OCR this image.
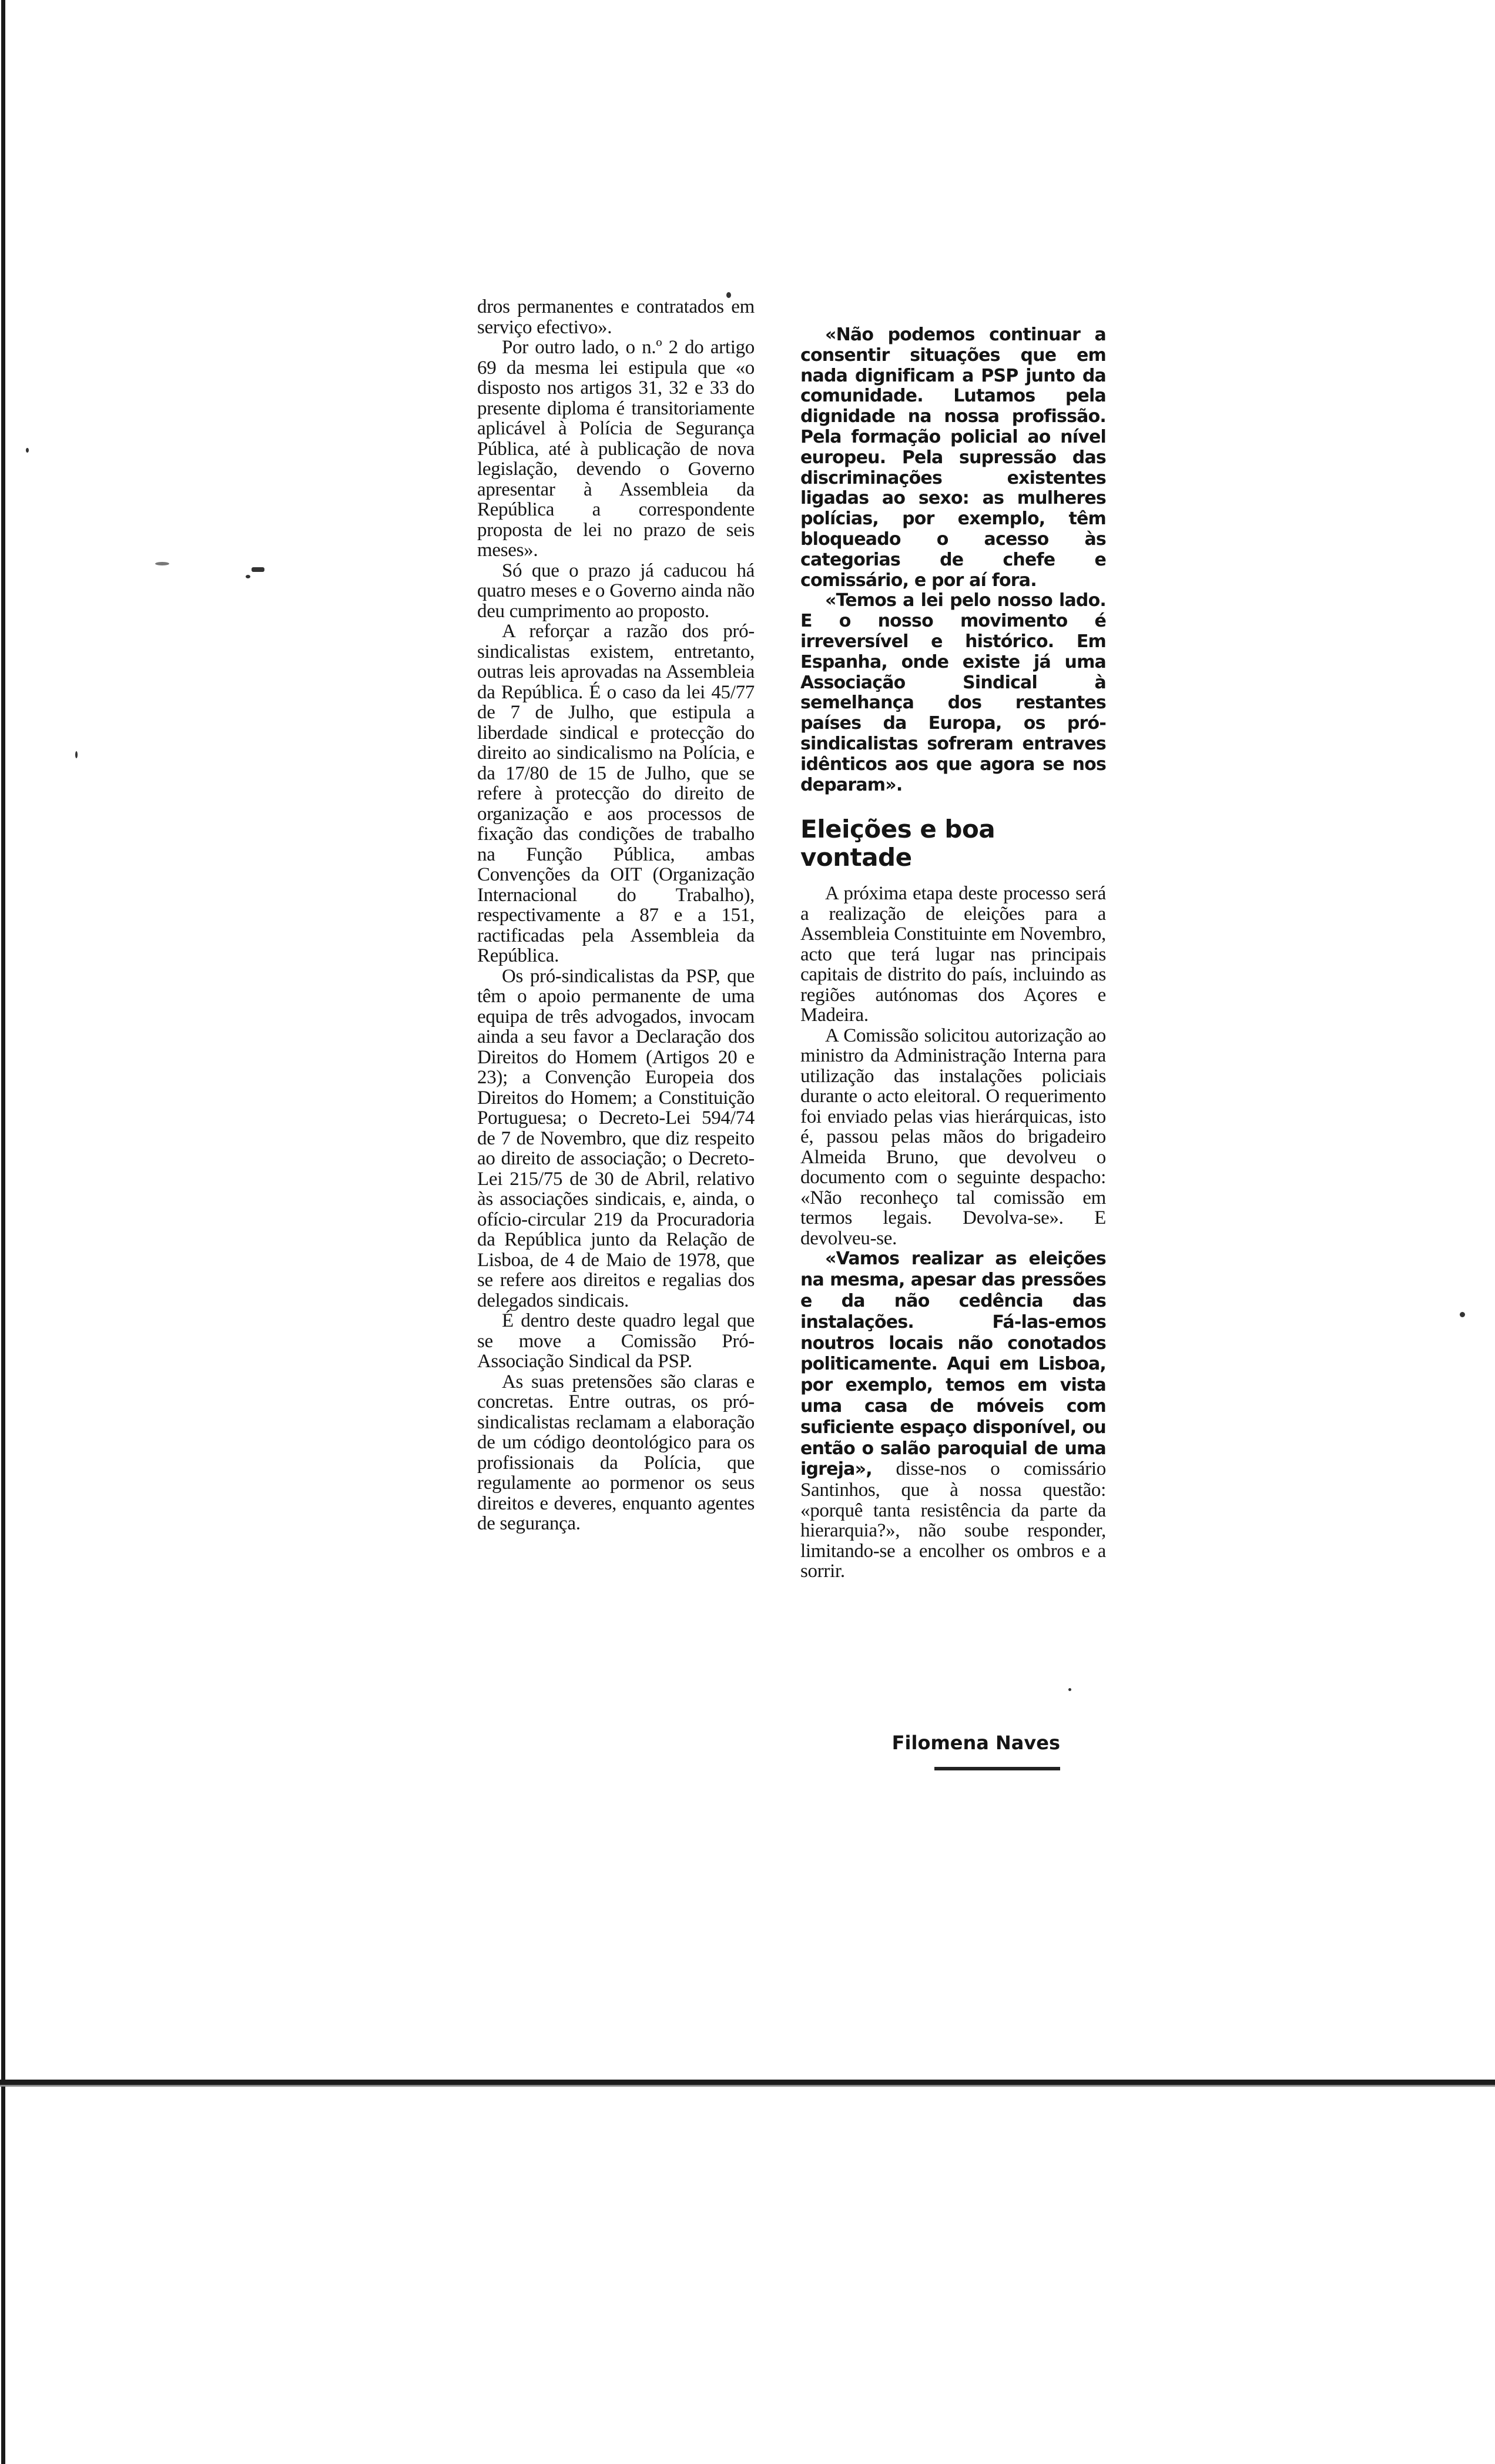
dros permanentes e contratados em serviço efectivo».

Por outro lado, o n.º 2 do artigo 69 da mesma lei estipula que «o disposto nos artigos 31, 32 e 33 do presente diploma é transitoriamente aplicável à Polícia de Segurança Pública, até à publicação de nova legislação, devendo o Governo apresentar à Assembleia da República a correspondente proposta de lei no prazo de seis meses».

Só que o prazo já caducou há quatro meses e o Governo ainda não deu cumprimento ao proposto.

A reforçar a razão dos pró-sindicalistas existem, entretanto, outras leis aprovadas na Assembleia da República. É o caso da lei 45/77 de 7 de Julho, que estipula a liberdade sindical e protecção do direito ao sindicalismo na Polícia, e da 17/80 de 15 de Julho, que se refere à protecção do direito de organização e aos processos de fixação das condições de trabalho na Função Pública, ambas Convenções da OIT (Organização Internacional do Trabalho), respectivamente a 87 e a 151, ractificadas pela Assembleia da República.

Os pró-sindicalistas da PSP, que têm o apoio permanente de uma equipa de três advogados, invocam ainda a seu favor a Declaração dos Direitos do Homem (Artigos 20 e 23); a Convenção Europeia dos Direitos do Homem; a Constituição Portuguesa; o Decreto-Lei 594/74 de 7 de Novembro, que diz respeito ao direito de associação; o Decreto-Lei 215/75 de 30 de Abril, relativo às associações sindicais, e, ainda, o ofício-circular 219 da Procuradoria da República junto da Relação de Lisboa, de 4 de Maio de 1978, que se refere aos direitos e regalias dos delegados sindicais.

É dentro deste quadro legal que se move a Comissão Pró-Associação Sindical da PSP.

As suas pretensões são claras e concretas. Entre outras, os pró-sindicalistas reclamam a elaboração de um código deontológico para os profissionais da Polícia, que regulamente ao pormenor os seus direitos e deveres, enquanto agentes de segurança.

«Não podemos continuar a consentir situações que em nada dignificam a PSP junto da comunidade. Lutamos pela dignidade na nossa profissão. Pela formação policial ao nível europeu. Pela supressão das discriminações existentes ligadas ao sexo: as mulheres polícias, por exemplo, têm bloqueado o acesso às categorias de chefe e comissário, e por aí fora.

«Temos a lei pelo nosso lado. E o nosso movimento é irreversível e histórico. Em Espanha, onde existe já uma Associação Sindical à semelhança dos restantes países da Europa, os pró-sindicalistas sofreram entraves idênticos aos que agora se nos deparam».

Eleições e boa vontade

A próxima etapa deste processo será a realização de eleições para a Assembleia Constituinte em Novembro, acto que terá lugar nas principais capitais de distrito do país, incluindo as regiões autónomas dos Açores e Madeira.

A Comissão solicitou autorização ao ministro da Administração Interna para utilização das instalações policiais durante o acto eleitoral. O requerimento foi enviado pelas vias hierárquicas, isto é, passou pelas mãos do brigadeiro Almeida Bruno, que devolveu o documento com o seguinte despacho: «Não reconheço tal comissão em termos legais. Devolva-se». E devolveu-se.

«Vamos realizar as eleições na mesma, apesar das pressões e da não cedência das instalações. Fá-las-emos noutros locais não conotados politicamente. Aqui em Lisboa, por exemplo, temos em vista uma casa de móveis com suficiente espaço disponível, ou então o salão paroquial de uma igreja», disse-nos o comissário Santinhos, que à nossa questão: «porquê tanta resistência da parte da hierarquia?», não soube responder, limitando-se a encolher os ombros e a sorrir.

Filomena Naves
